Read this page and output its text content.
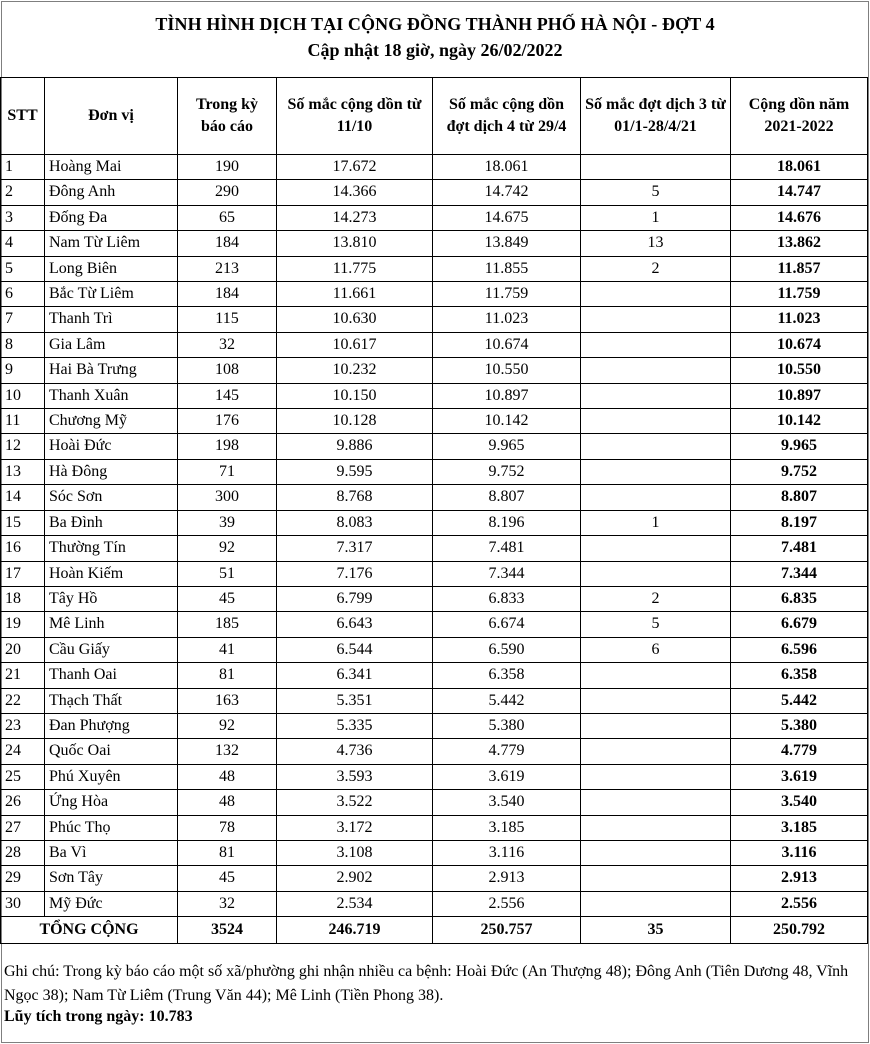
TÌNH HÌNH DỊCH TẠI CỘNG ĐỒNG THÀNH PHỐ HÀ NỘI - ĐỢT 4
Cập nhật 18 giờ, ngày 26/02/2022
STT	Đơn vị	Trong kỳ báo cáo	Số mắc cộng dồn từ 11/10	Số mắc cộng dồn đợt dịch 4 từ 29/4	Số mắc đợt dịch 3 từ 01/1-28/4/21	Cộng dồn năm 2021-2022
1	Hoàng Mai	190	17.672	18.061		18.061
2	Đông Anh	290	14.366	14.742	5	14.747
3	Đống Đa	65	14.273	14.675	1	14.676
4	Nam Từ Liêm	184	13.810	13.849	13	13.862
5	Long Biên	213	11.775	11.855	2	11.857
6	Bắc Từ Liêm	184	11.661	11.759		11.759
7	Thanh Trì	115	10.630	11.023		11.023
8	Gia Lâm	32	10.617	10.674		10.674
9	Hai Bà Trưng	108	10.232	10.550		10.550
10	Thanh Xuân	145	10.150	10.897		10.897
11	Chương Mỹ	176	10.128	10.142		10.142
12	Hoài Đức	198	9.886	9.965		9.965
13	Hà Đông	71	9.595	9.752		9.752
14	Sóc Sơn	300	8.768	8.807		8.807
15	Ba Đình	39	8.083	8.196	1	8.197
16	Thường Tín	92	7.317	7.481		7.481
17	Hoàn Kiếm	51	7.176	7.344		7.344
18	Tây Hồ	45	6.799	6.833	2	6.835
19	Mê Linh	185	6.643	6.674	5	6.679
20	Cầu Giấy	41	6.544	6.590	6	6.596
21	Thanh Oai	81	6.341	6.358		6.358
22	Thạch Thất	163	5.351	5.442		5.442
23	Đan Phượng	92	5.335	5.380		5.380
24	Quốc Oai	132	4.736	4.779		4.779
25	Phú Xuyên	48	3.593	3.619		3.619
26	Ứng Hòa	48	3.522	3.540		3.540
27	Phúc Thọ	78	3.172	3.185		3.185
28	Ba Vì	81	3.108	3.116		3.116
29	Sơn Tây	45	2.902	2.913		2.913
30	Mỹ Đức	32	2.534	2.556		2.556
TỔNG CỘNG		3524	246.719	250.757	35	250.792
Ghi chú: Trong kỳ báo cáo một số xã/phường ghi nhận nhiều ca bệnh: Hoài Đức (An Thượng 48); Đông Anh (Tiên Dương 48, Vĩnh Ngọc 38); Nam Từ Liêm (Trung Văn 44); Mê Linh (Tiền Phong 38).
Lũy tích trong ngày: 10.783
